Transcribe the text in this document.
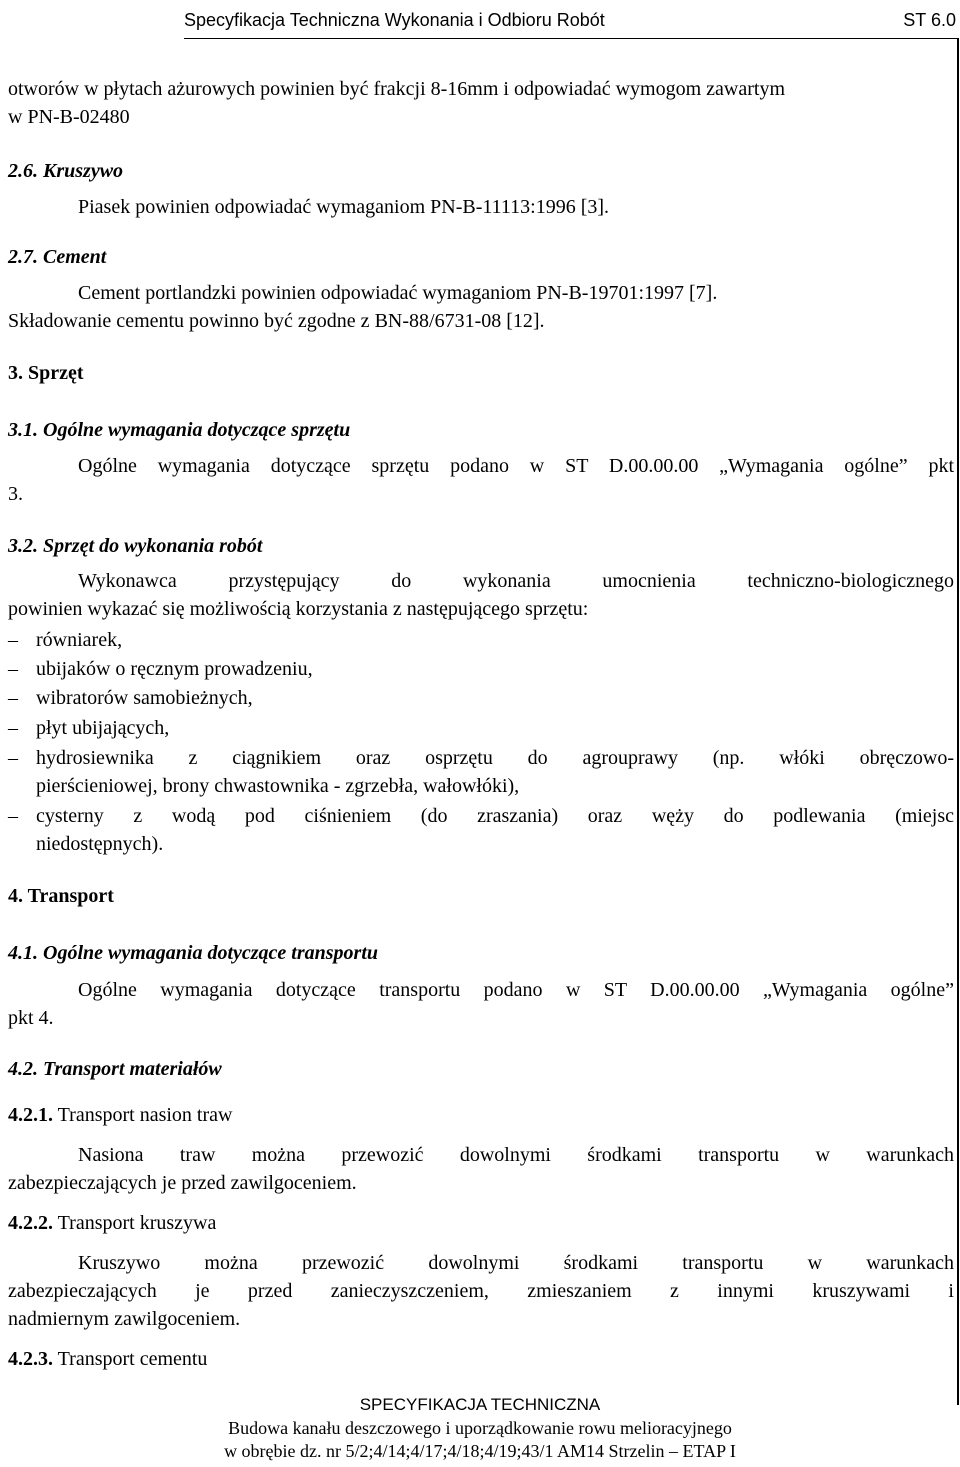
Specyfikacja Techniczna Wykonania i Odbioru Robót	ST 6.0
otworów w płytach ażurowych powinien być frakcji 8-16mm i odpowiadać wymogom zawartym
w PN-B-02480
2.6. Kruszywo
Piasek powinien odpowiadać wymaganiom PN-B-11113:1996 [3].
2.7. Cement
Cement portlandzki powinien odpowiadać wymaganiom PN-B-19701:1997 [7].
Składowanie cementu powinno być zgodne z BN-88/6731-08 [12].
3. Sprzęt
3.1. Ogólne wymagania dotyczące sprzętu
Ogólne wymagania dotyczące sprzętu podano w ST D.00.00.00 „Wymagania ogólne” pkt
3.
3.2. Sprzęt do wykonania robót
Wykonawca przystępujący do wykonania umocnienia techniczno-biologicznego
powinien wykazać się możliwością korzystania z następującego sprzętu:
– równiarek,
– ubijaków o ręcznym prowadzeniu,
– wibratorów samobieżnych,
– płyt ubijających,
– hydrosiewnika z ciągnikiem oraz osprzętu do agrouprawy (np. włóki obręczowo-
pierścieniowej, brony chwastownika - zgrzebła, wałowłóki),
– cysterny z wodą pod ciśnieniem (do zraszania) oraz węży do podlewania (miejsc
niedostępnych).
4. Transport
4.1. Ogólne wymagania dotyczące transportu
Ogólne wymagania dotyczące transportu podano w ST D.00.00.00 „Wymagania ogólne”
pkt 4.
4.2. Transport materiałów
4.2.1. Transport nasion traw
Nasiona traw można przewozić dowolnymi środkami transportu w warunkach
zabezpieczających je przed zawilgoceniem.
4.2.2. Transport kruszywa
Kruszywo można przewozić dowolnymi środkami transportu w warunkach
zabezpieczających je przed zanieczyszczeniem, zmieszaniem z innymi kruszywami i
nadmiernym zawilgoceniem.
4.2.3. Transport cementu
SPECYFIKACJA TECHNICZNA
Budowa kanału deszczowego i uporządkowanie rowu melioracyjnego
w obrębie dz. nr 5/2;4/14;4/17;4/18;4/19;43/1 AM14 Strzelin – ETAP I
